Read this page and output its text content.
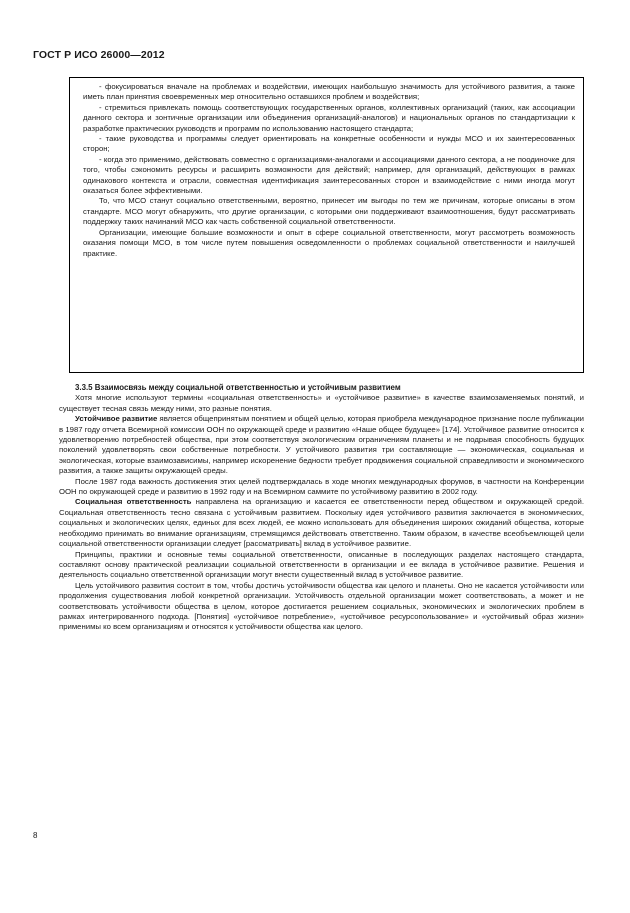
ГОСТ Р ИСО 26000—2012

- фокусироваться вначале на проблемах и воздействии, имеющих наибольшую значимость для устойчивого развития, а также иметь план принятия своевременных мер относительно оставшихся проблем и воздействия;

- стремиться привлекать помощь соответствующих государственных органов, коллективных организаций (таких, как ассоциации данного сектора и зонтичные организации или объединения организаций-аналогов) и национальных органов по стандартизации к разработке практических руководств и программ по использованию настоящего стандарта;

- такие руководства и программы следует ориентировать на конкретные особенности и нужды МСО и их заинтересованных сторон;

- когда это применимо, действовать совместно с организациями-аналогами и ассоциациями данного сектора, а не поодиночке для того, чтобы сэкономить ресурсы и расширить возможности для действий; например, для организаций, действующих в рамках одинакового контекста и отрасли, совместная идентификация заинтересованных сторон и взаимодействие с ними иногда могут оказаться более эффективными.

То, что МСО станут социально ответственными, вероятно, принесет им выгоды по тем же причинам, которые описаны в этом стандарте. МСО могут обнаружить, что другие организации, с которыми они поддерживают взаимоотношения, будут рассматривать поддержку таких начинаний МСО как часть собственной социальной ответственности.

Организации, имеющие большие возможности и опыт в сфере социальной ответственности, могут рассмотреть возможность оказания помощи МСО, в том числе путем повышения осведомленности о проблемах социальной ответственности и наилучшей практике.

3.3.5 Взаимосвязь между социальной ответственностью и устойчивым развитием

Хотя многие используют термины «социальная ответственность» и «устойчивое развитие» в качестве взаимозаменяемых понятий, и существует тесная связь между ними, это разные понятия.

Устойчивое развитие является общепринятым понятием и общей целью, которая приобрела международное признание после публикации в 1987 году отчета Всемирной комиссии ООН по окружающей среде и развитию «Наше общее будущее» [174]. Устойчивое развитие относится к удовлетворению потребностей общества, при этом соответствуя экологическим ограничениям планеты и не подрывая способность будущих поколений удовлетворять свои собственные потребности. У устойчивого развития три составляющие — экономическая, социальная и экологическая, которые взаимозависимы, например искоренение бедности требует продвижения социальной справедливости и экономического развития, а также защиты окружающей среды.

После 1987 года важность достижения этих целей подтверждалась в ходе многих международных форумов, в частности на Конференции ООН по окружающей среде и развитию в 1992 году и на Всемирном саммите по устойчивому развитию в 2002 году.

Социальная ответственность направлена на организацию и касается ее ответственности перед обществом и окружающей средой. Социальная ответственность тесно связана с устойчивым развитием. Поскольку идея устойчивого развития заключается в экономических, социальных и экологических целях, единых для всех людей, ее можно использовать для объединения широких ожиданий общества, которые необходимо принимать во внимание организациям, стремящимся действовать ответственно. Таким образом, в качестве всеобъемлющей цели социальной ответственности организации следует [рассматривать] вклад в устойчивое развитие.

Принципы, практики и основные темы социальной ответственности, описанные в последующих разделах настоящего стандарта, составляют основу практической реализации социальной ответственности в организации и ее вклада в устойчивое развитие. Решения и деятельность социально ответственной организации могут внести существенный вклад в устойчивое развитие.

Цель устойчивого развития состоит в том, чтобы достичь устойчивости общества как целого и планеты. Оно не касается устойчивости или продолжения существования любой конкретной организации. Устойчивость отдельной организации может соответствовать, а может и не соответствовать устойчивости общества в целом, которое достигается решением социальных, экономических и экологических проблем в рамках интегрированного подхода. [Понятия] «устойчивое потребление», «устойчивое ресурсопользование» и «устойчивый образ жизни» применимы ко всем организациям и относятся к устойчивости общества как целого.

8
